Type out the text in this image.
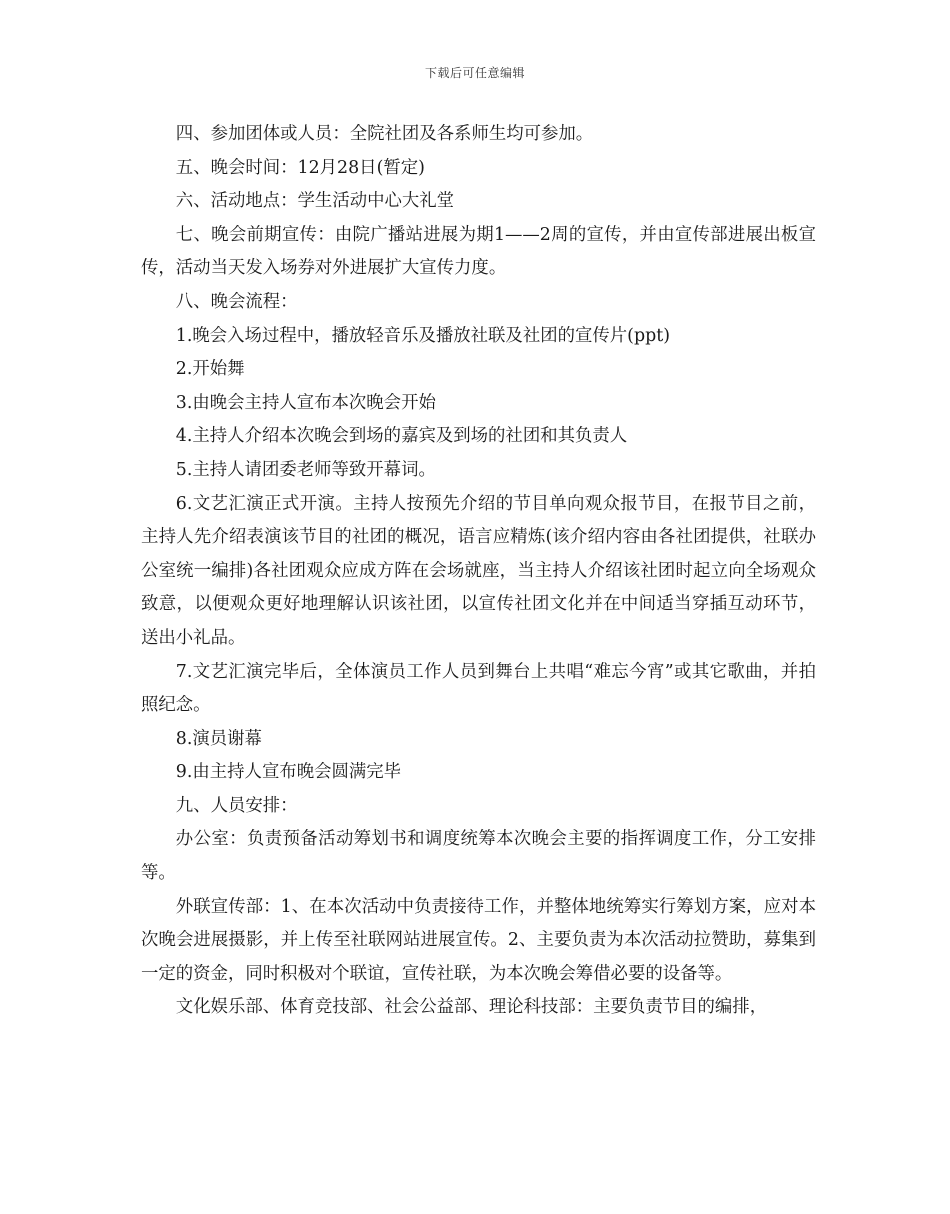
下载后可任意编辑

四、参加团体或人员：全院社团及各系师生均可参加。

五、晚会时间：12月28日(暂定)

六、活动地点：学生活动中心大礼堂

七、晚会前期宣传：由院广播站进展为期1——2周的宣传，并由宣传部进展出板宣传，活动当天发入场券对外进展扩大宣传力度。

八、晚会流程：

1.晚会入场过程中，播放轻音乐及播放社联及社团的宣传片(ppt)

2.开始舞

3.由晚会主持人宣布本次晚会开始

4.主持人介绍本次晚会到场的嘉宾及到场的社团和其负责人

5.主持人请团委老师等致开幕词。

6.文艺汇演正式开演。主持人按预先介绍的节目单向观众报节目，在报节目之前，主持人先介绍表演该节目的社团的概况，语言应精炼(该介绍内容由各社团提供，社联办公室统一编排)各社团观众应成方阵在会场就座，当主持人介绍该社团时起立向全场观众致意，以便观众更好地理解认识该社团，以宣传社团文化并在中间适当穿插互动环节，送出小礼品。

7.文艺汇演完毕后，全体演员工作人员到舞台上共唱“难忘今宵”或其它歌曲，并拍照纪念。

8.演员谢幕

9.由主持人宣布晚会圆满完毕

九、人员安排：

办公室：负责预备活动筹划书和调度统筹本次晚会主要的指挥调度工作，分工安排等。

外联宣传部：1、在本次活动中负责接待工作，并整体地统筹实行筹划方案，应对本次晚会进展摄影，并上传至社联网站进展宣传。2、主要负责为本次活动拉赞助，募集到一定的资金，同时积极对个联谊，宣传社联，为本次晚会筹借必要的设备等。

文化娱乐部、体育竞技部、社会公益部、理论科技部：主要负责节目的编排，
